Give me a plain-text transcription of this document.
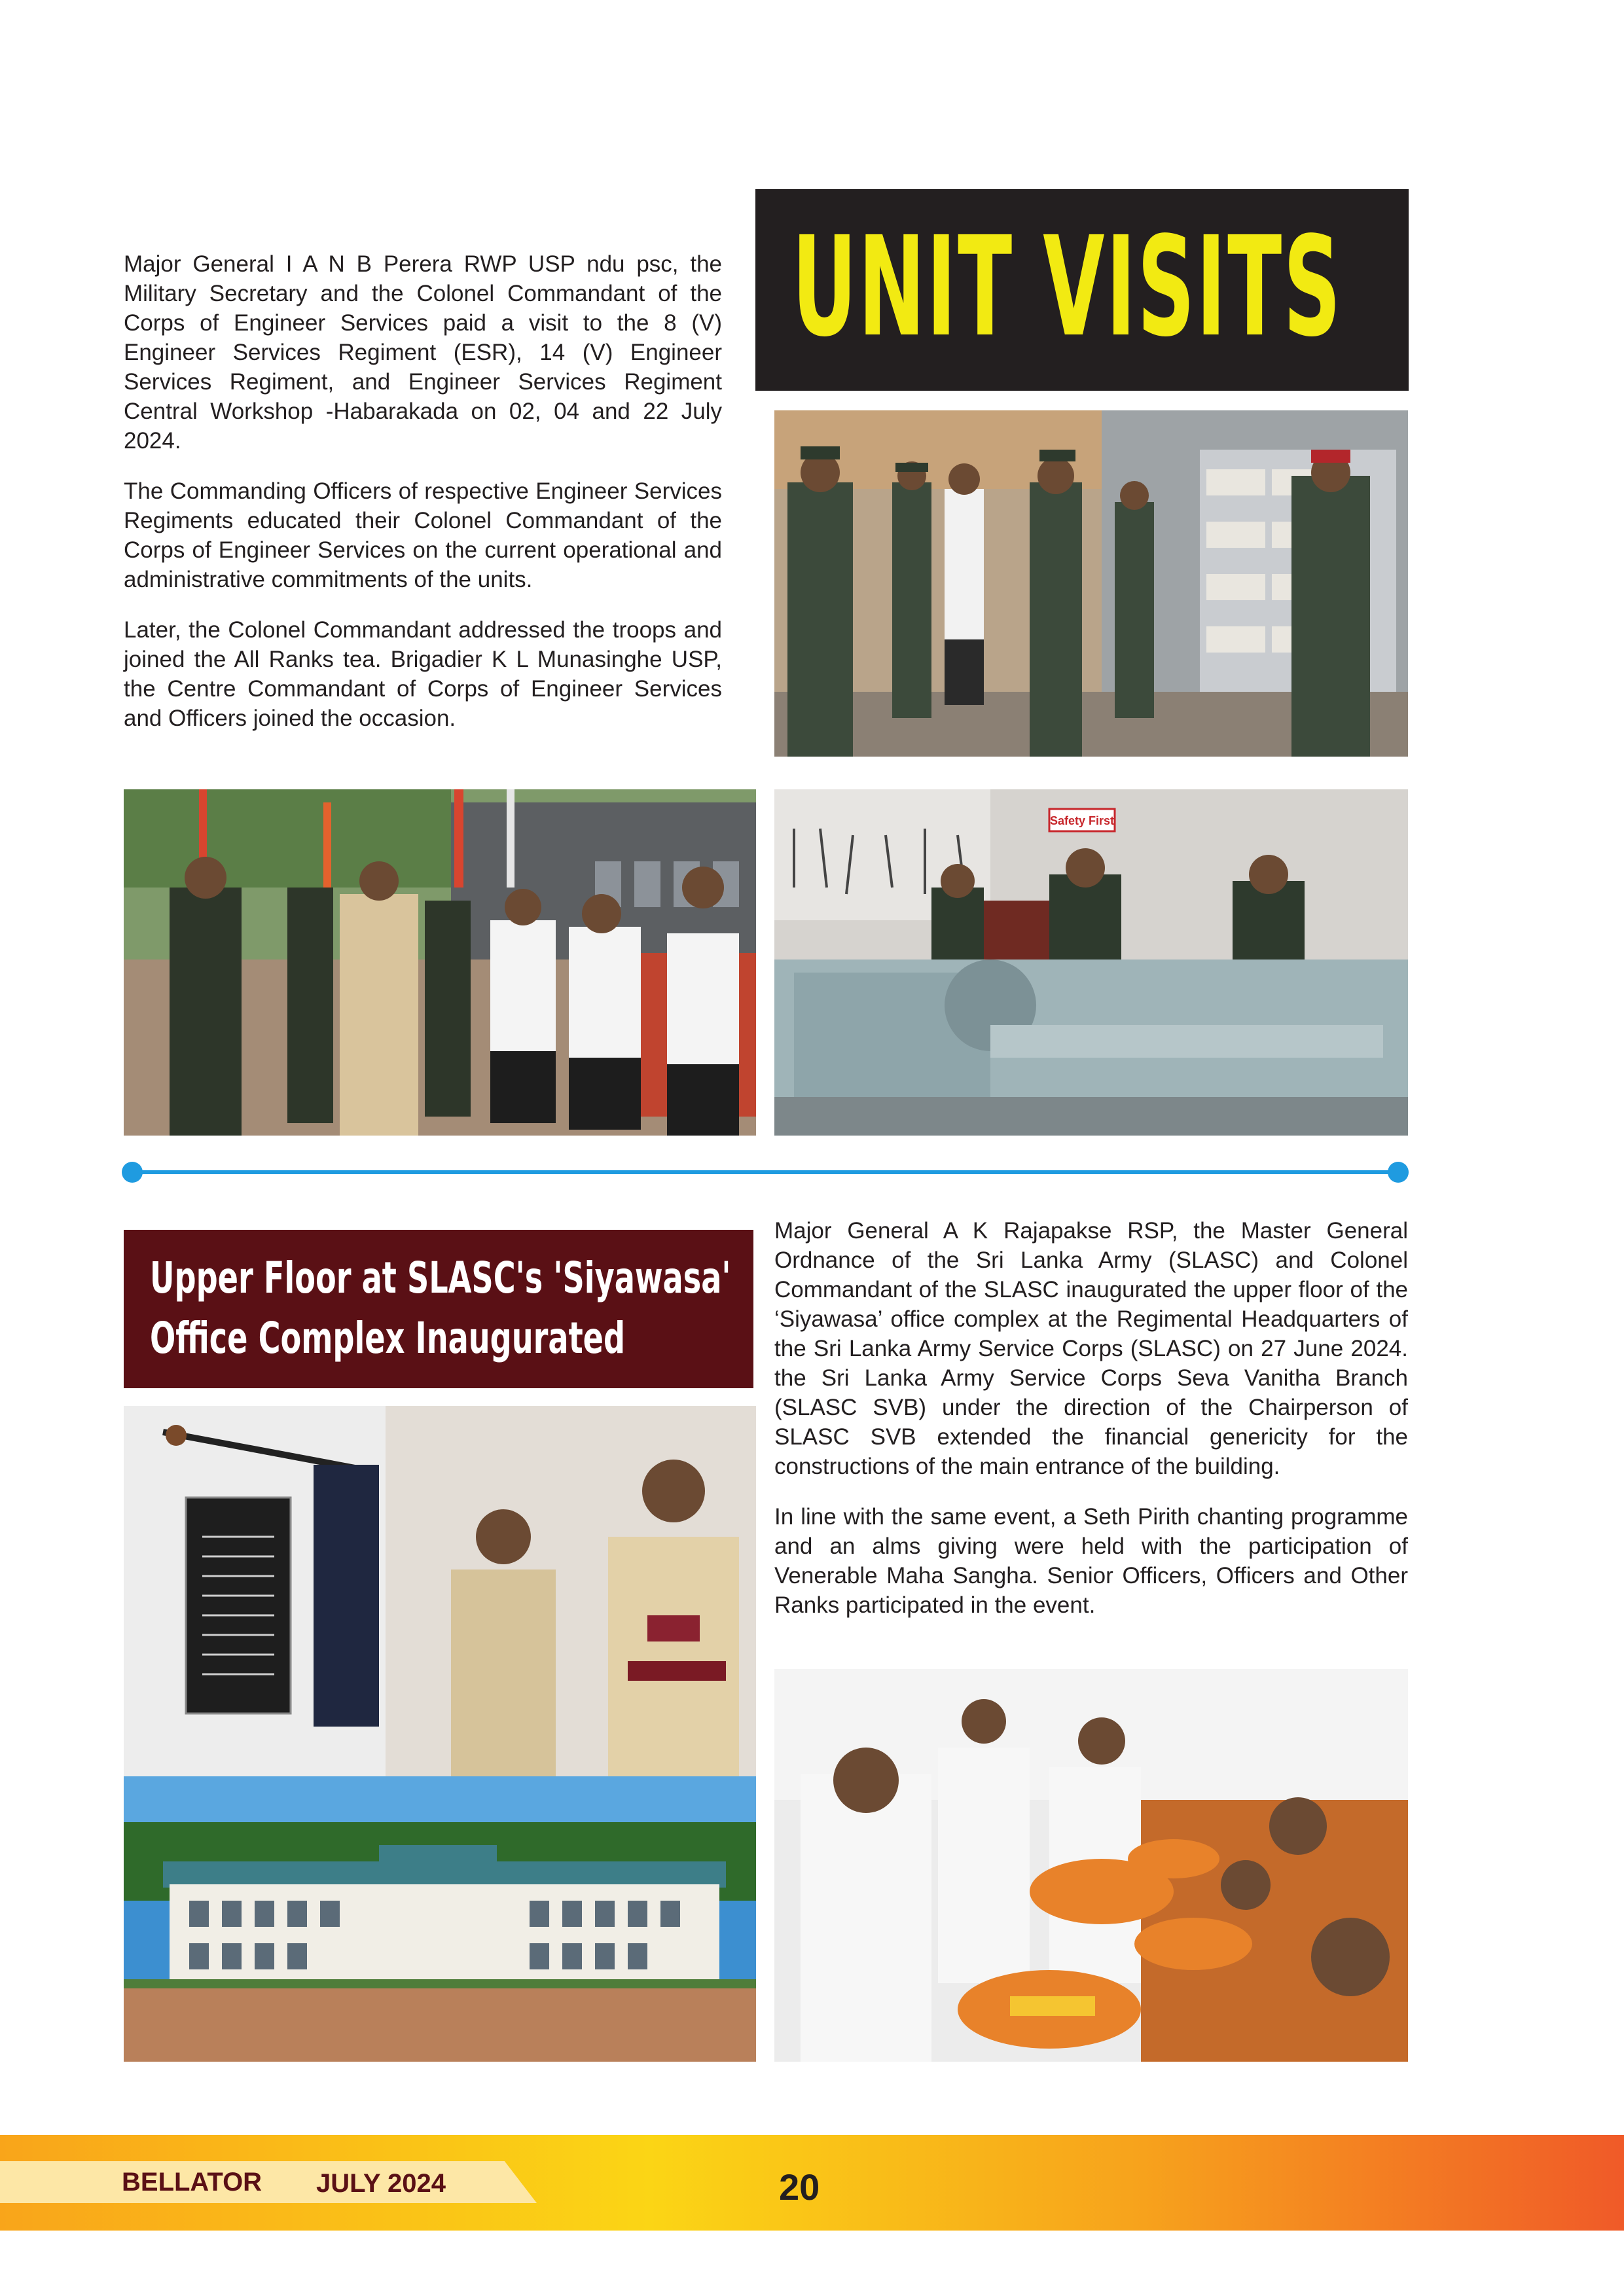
Major General I A N B Perera RWP USP ndu psc, the Military Secretary and the Colonel Commandant of the Corps of Engineer Services paid a visit to the 8 (V) Engineer Services Regiment (ESR), 14 (V) Engineer Services Regiment, and Engineer Services Regiment Central Workshop -Habarakada on 02, 04 and 22 July 2024.

The Commanding Officers of respective Engineer Services Regiments educated their Colonel Commandant of the Corps of Engineer Services on the current operational and administrative commitments of the units.

Later, the Colonel Commandant addressed the troops and joined the All Ranks tea. Brigadier K L Munasinghe USP, the Centre Commandant of Corps of Engineer Services and Officers joined the occasion.

UNIT VISITS
Safety First
Upper Floor at SLASC's 'Siyawasa'
Office Complex Inaugurated

Major General A K Rajapakse RSP, the Master General Ordnance of the Sri Lanka Army (SLASC) and Colonel Commandant of the SLASC inaugurated the upper floor of the ‘Siyawasa’ office complex at the Regimental Headquarters of the Sri Lanka Army Service Corps (SLASC) on 27 June 2024. the Sri Lanka Army Service Corps Seva Vanitha Branch (SLASC SVB) under the direction of the Chairperson of SLASC SVB extended the financial genericity for the constructions of the main entrance of the building.

In line with the same event, a Seth Pirith chanting programme and an alms giving were held with the participation of Venerable Maha Sangha. Senior Officers, Officers and Other Ranks participated in the event.

BELLATOR JULY 2024	20
